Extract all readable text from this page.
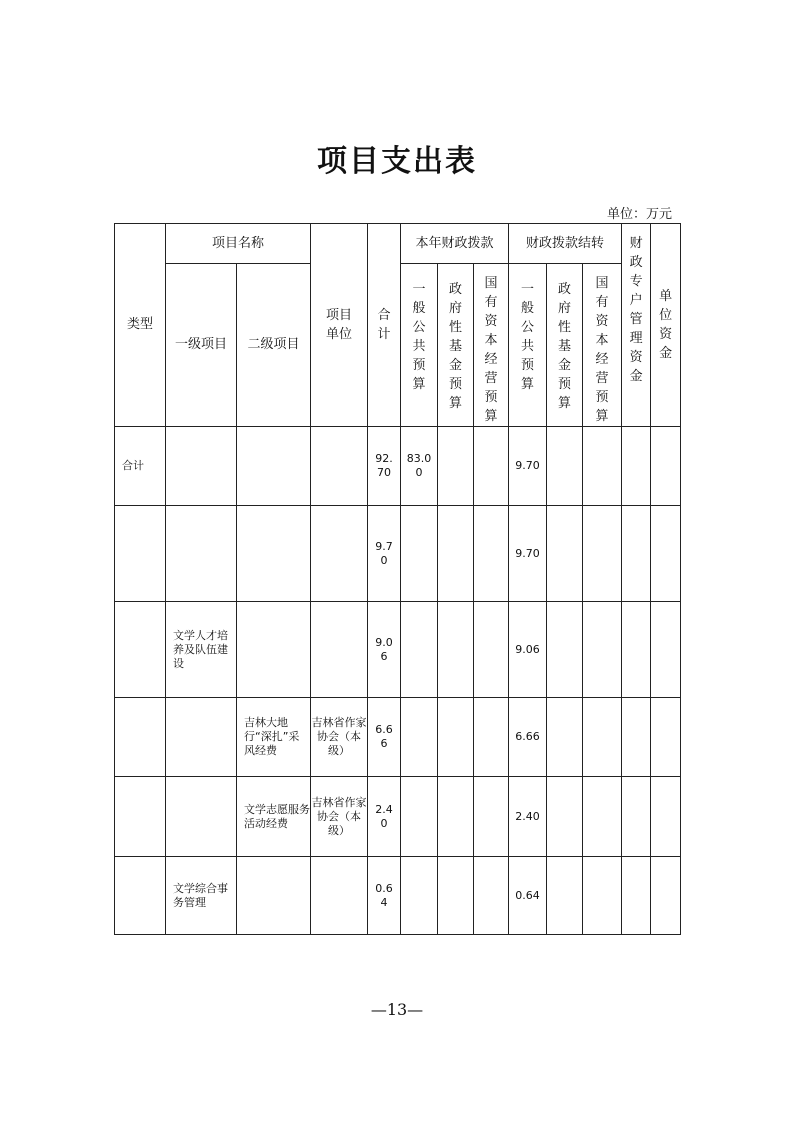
项目支出表
单位：万元
类型	项目名称		项目单位	合计	本年财政拨款			财政拨款结转			财政专户管理资金	单位资金
	一级项目	二级项目			一般公共预算	政府性基金预算	国有资本经营预算	一般公共预算	政府性基金预算	国有资本经营预算		
合计				92.70	83.00			9.70				
				9.70				9.70				
	文学人才培养及队伍建设			9.06				9.06				
		吉林大地行“深扎”采风经费	吉林省作家协会（本级）	6.66				6.66				
		文学志愿服务活动经费	吉林省作家协会（本级）	2.40				2.40				
	文学综合事务管理			0.64				0.64				
—13—
